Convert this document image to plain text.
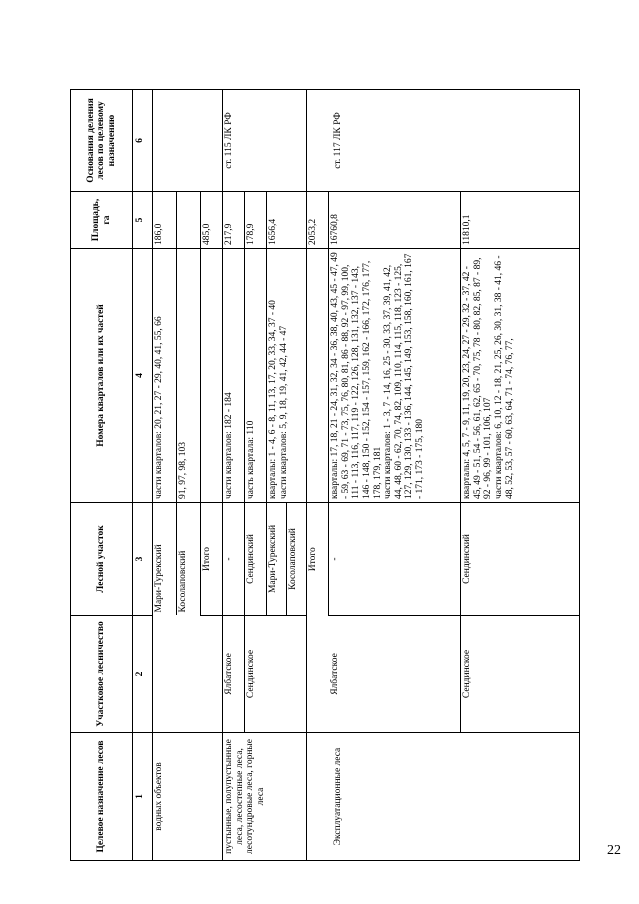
Целевое назначение лесов	Участковое лесничество	Лесной участок	Номера кварталов или их частей	Площадь, га	Основания деления лесов по целевому назначению
1	2	3	4	5	6
водных объектов		Мари-Турекский	части кварталов: 20, 21, 27 - 29, 40, 41, 55, 66	186,0	
		Косолаповский	91, 97, 98, 103		
		Итого		485,0	
пустынные, полупустынные леса, лесостепные леса, лесотундровые леса, горные леса	Ялбатское	-	части кварталов: 182 - 184	217,9	ст. 115 ЛК РФ
	Сендинское	Сендинский	часть квартала: 110	178,9	
		Мари-Турекский	кварталы: 1 - 4, 6 - 8, 11, 13, 17, 20, 33, 34, 37 - 40 части кварталов: 5, 9, 18, 19, 41, 42, 44 - 47	1656,4	
		Косолаповский			
		Итого		2053,2	
Эксплуатационные леса	Ялбатское	-	кварталы: 17, 18, 21 - 24, 31, 32, 34 - 36, 38, 40, 43, 45 - 47, 49 - 59, 63 - 69, 71 - 73, 75, 76, 80, 81, 86 - 88, 92 - 97, 99, 100, 111 - 113, 116, 117, 119 - 122, 126, 128, 131, 132, 137 - 143, 146 - 148, 150 - 152, 154 - 157, 159, 162 - 166, 172, 176, 177, 178, 179, 181 части кварталов: 1 - 3, 7 - 14, 16, 25 - 30, 33, 37, 39, 41, 42, 44, 48, 60 - 62, 70, 74, 82, 109, 110, 114, 115, 118, 123 - 125, 127, 129, 130, 133 - 136, 144, 145, 149, 153, 158, 160, 161, 167 - 171, 173 - 175, 180	16760,8	ст. 117 ЛК РФ
	Сендинское	Сендинский	кварталы: 4, 5, 7 - 9, 11, 19, 20, 23, 24, 27 - 29, 32 - 37, 42 - 45, 49 - 51, 54 - 56, 61, 62, 65 - 70, 75, 78 - 80, 82, 85, 87 - 89, 92 - 96, 99 - 101, 106, 107 части кварталов: 6, 10, 12 - 18, 21, 25, 26, 30, 31, 38 - 41, 46 - 48, 52, 53, 57 - 60, 63, 64, 71 - 74, 76, 77,	11810,1	
22
